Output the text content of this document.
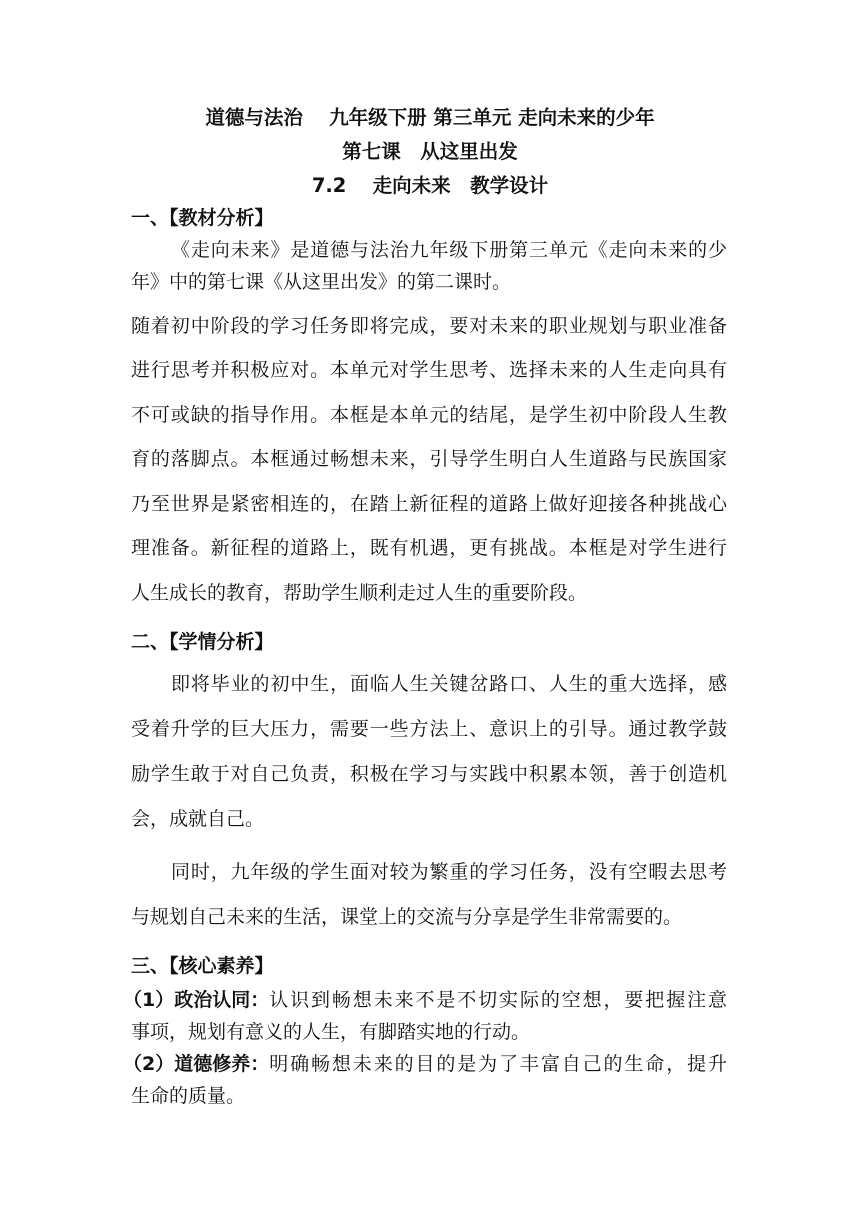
道德与法治　 九年级下册 第三单元 走向未来的少年
第七课　从这里出发
7.2　 走向未来　教学设计
一、【教材分析】
《走向未来》是道德与法治九年级下册第三单元《走向未来的少
年》中的第七课《从这里出发》的第二课时。
随着初中阶段的学习任务即将完成，要对未来的职业规划与职业准备
进行思考并积极应对。本单元对学生思考、选择未来的人生走向具有
不可或缺的指导作用。本框是本单元的结尾，是学生初中阶段人生教
育的落脚点。本框通过畅想未来，引导学生明白人生道路与民族国家
乃至世界是紧密相连的，在踏上新征程的道路上做好迎接各种挑战心
理准备。新征程的道路上，既有机遇，更有挑战。本框是对学生进行
人生成长的教育，帮助学生顺利走过人生的重要阶段。
二、【学情分析】
即将毕业的初中生，面临人生关键岔路口、人生的重大选择，感
受着升学的巨大压力，需要一些方法上、意识上的引导。通过教学鼓
励学生敢于对自己负责，积极在学习与实践中积累本领，善于创造机
会，成就自己。
同时，九年级的学生面对较为繁重的学习任务，没有空暇去思考
与规划自己未来的生活，课堂上的交流与分享是学生非常需要的。
三、【核心素养】
（1）政治认同： 认识到畅想未来不是不切实际的空想，要把握注意
事项，规划有意义的人生，有脚踏实地的行动。
（2）道德修养： 明确畅想未来的目的是为了丰富自己的生命，提升
生命的质量。
